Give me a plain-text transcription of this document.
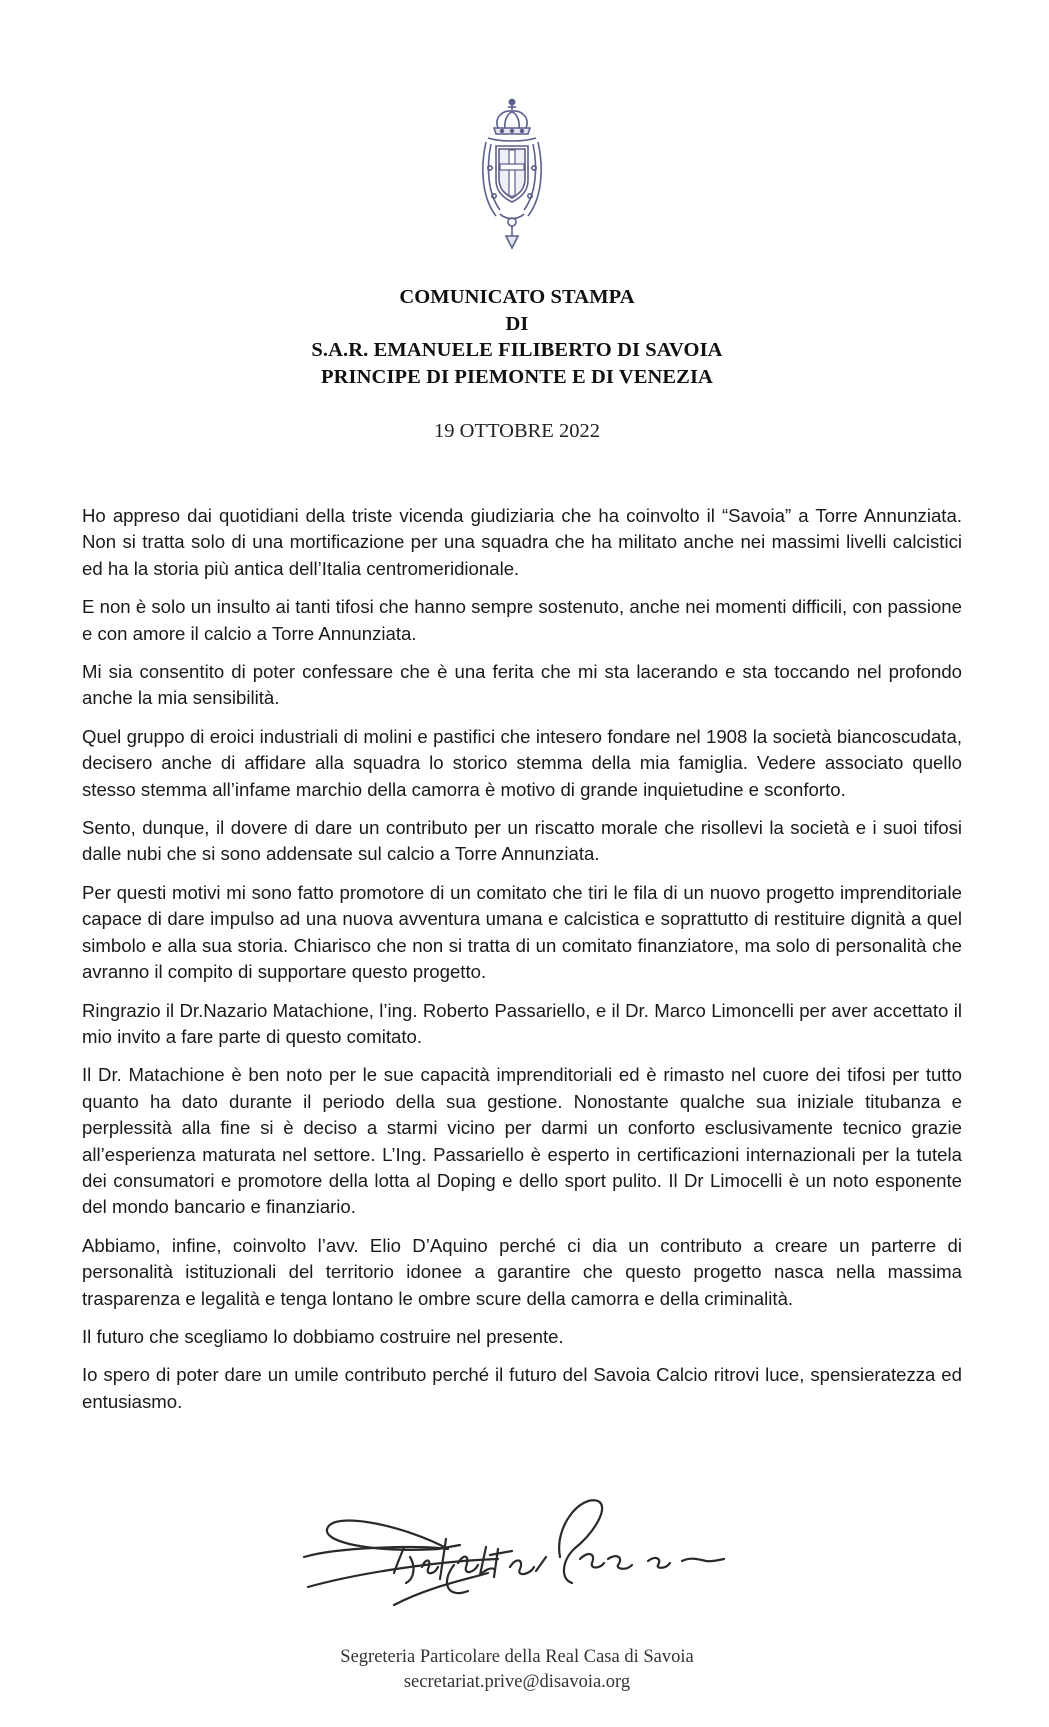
COMUNICATO STAMPA
DI
S.A.R. EMANUELE FILIBERTO DI SAVOIA
PRINCIPE DI PIEMONTE E DI VENEZIA
19 OTTOBRE 2022

Ho appreso dai quotidiani della triste vicenda giudiziaria che ha coinvolto il “Savoia” a Torre Annunziata. Non si tratta solo di una mortificazione per una squadra che ha militato anche nei massimi livelli calcistici ed ha la storia più antica dell’Italia centromeridionale.

E non è solo un insulto ai tanti tifosi che hanno sempre sostenuto, anche nei momenti difficili, con passione e con amore il calcio a Torre Annunziata.

Mi sia consentito di poter confessare che è una ferita che mi sta lacerando e sta toccando nel profondo anche la mia sensibilità.

Quel gruppo di eroici industriali di molini e pastifici che intesero fondare nel 1908 la società biancoscudata, decisero anche di affidare alla squadra lo storico stemma della mia famiglia. Vedere associato quello stesso stemma all’infame marchio della camorra è motivo di grande inquietudine e sconforto.

Sento, dunque, il dovere di dare un contributo per un riscatto morale che risollevi la società e i suoi tifosi dalle nubi che si sono addensate sul calcio a Torre Annunziata.

Per questi motivi mi sono fatto promotore di un comitato che tiri le fila di un nuovo progetto imprenditoriale capace di dare impulso ad una nuova avventura umana e calcistica e soprattutto di restituire dignità a quel simbolo e alla sua storia. Chiarisco che non si tratta di un comitato finanziatore, ma solo di personalità che avranno il compito di supportare questo progetto.

Ringrazio il Dr.Nazario Matachione, l’ing. Roberto Passariello, e il Dr. Marco Limoncelli per aver accettato il mio invito a fare parte di questo comitato.

Il Dr. Matachione è ben noto per le sue capacità imprenditoriali ed è rimasto nel cuore dei tifosi per tutto quanto ha dato durante il periodo della sua gestione. Nonostante qualche sua iniziale titubanza e perplessità alla fine si è deciso a starmi vicino per darmi un conforto esclusivamente tecnico grazie all’esperienza maturata nel settore. L’Ing. Passariello è esperto in certificazioni internazionali per la tutela dei consumatori e promotore della lotta al Doping e dello sport pulito. Il Dr Limocelli è un noto esponente del mondo bancario e finanziario.

Abbiamo, infine, coinvolto l’avv. Elio D’Aquino perché ci dia un contributo a creare un parterre di personalità istituzionali del territorio idonee a garantire che questo progetto nasca nella massima trasparenza e legalità e tenga lontano le ombre scure della camorra e della criminalità.

Il futuro che scegliamo lo dobbiamo costruire nel presente.

Io spero di poter dare un umile contributo perché il futuro del Savoia Calcio ritrovi luce, spensieratezza ed entusiasmo.

Segreteria Particolare della Real Casa di Savoia
secretariat.prive@disavoia.org
